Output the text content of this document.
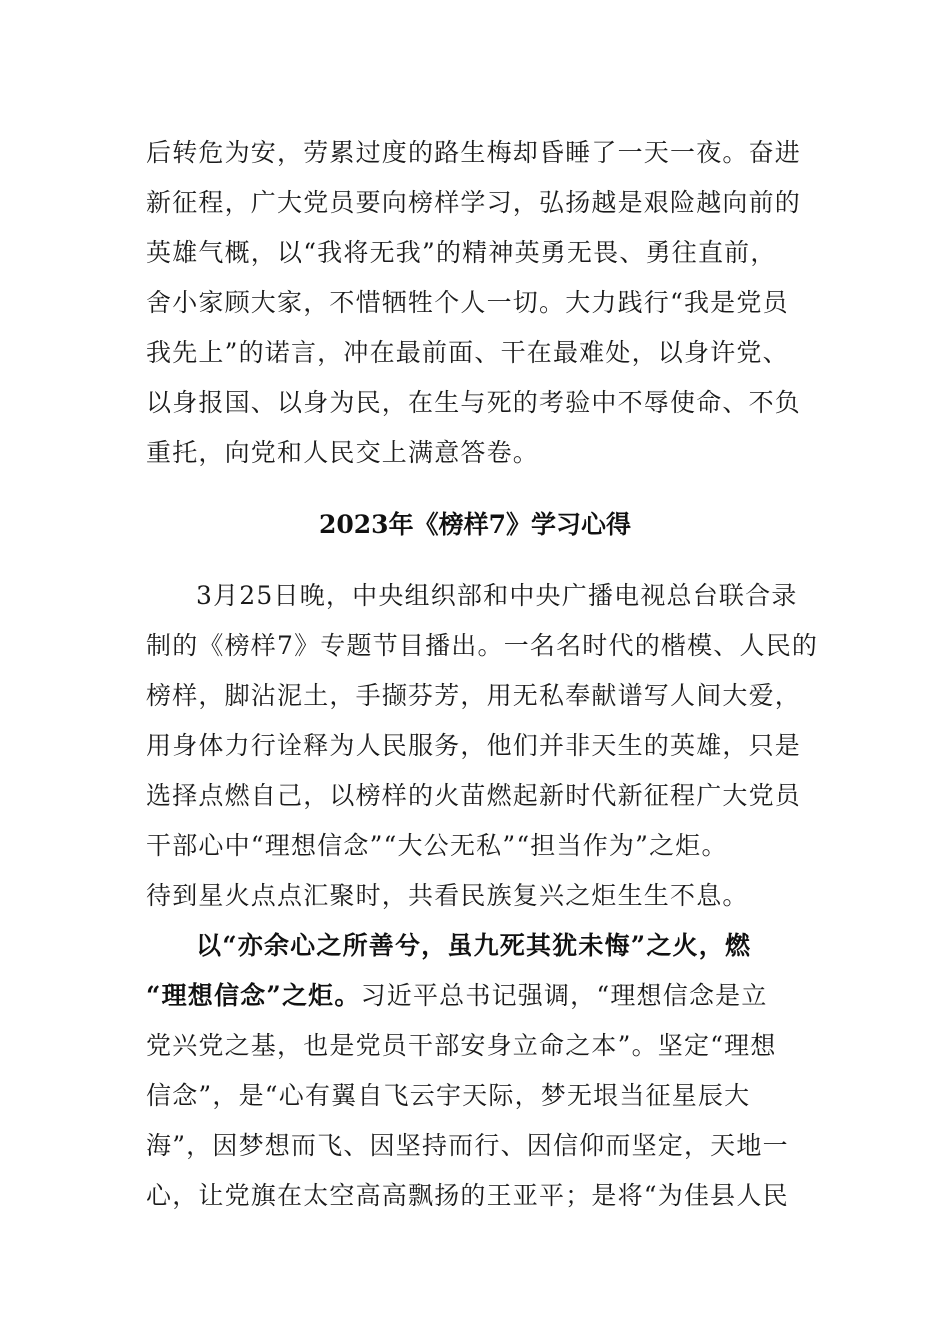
后转危为安，劳累过度的路生梅却昏睡了一天一夜。奋进
新征程，广大党员要向榜样学习，弘扬越是艰险越向前的
英雄气概，以“我将无我”的精神英勇无畏、勇往直前，
舍小家顾大家，不惜牺牲个人一切。大力践行“我是党员
我先上”的诺言，冲在最前面、干在最难处，以身许党、
以身报国、以身为民，在生与死的考验中不辱使命、不负
重托，向党和人民交上满意答卷。
2023年《榜样7》学习心得
3月25日晚，中央组织部和中央广播电视总台联合录
制的《榜样7》专题节目播出。一名名时代的楷模、人民的
榜样，脚沾泥土，手撷芬芳，用无私奉献谱写人间大爱，
用身体力行诠释为人民服务，他们并非天生的英雄，只是
选择点燃自己，以榜样的火苗燃起新时代新征程广大党员
干部心中“理想信念”“大公无私”“担当作为”之炬。
待到星火点点汇聚时，共看民族复兴之炬生生不息。
以“亦余心之所善兮，虽九死其犹未悔”之火，燃
“理想信念”之炬。习近平总书记强调，“理想信念是立
党兴党之基，也是党员干部安身立命之本”。坚定“理想
信念”，是“心有翼自飞云宇天际，梦无垠当征星辰大
海”，因梦想而飞、因坚持而行、因信仰而坚定，天地一
心，让党旗在太空高高飘扬的王亚平；是将“为佳县人民
